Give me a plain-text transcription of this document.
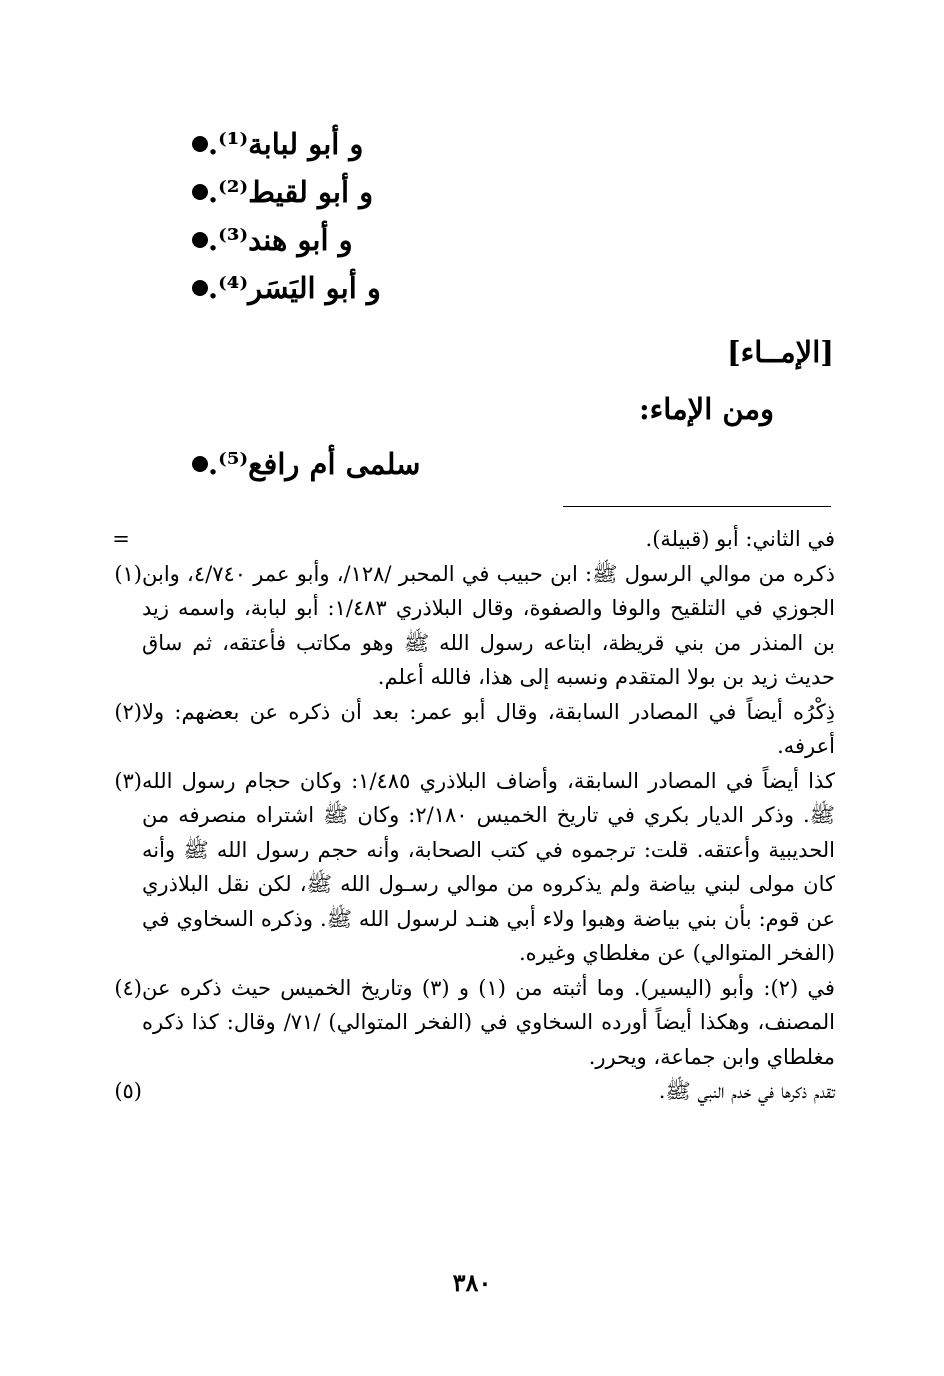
و أبو لبابة⁽¹⁾.
و أبو لقيط⁽²⁾.
و أبو هند⁽³⁾.
و أبو اليَسَر⁽⁴⁾.
[الإمــاء]
ومن الإماء:
سلمى أم رافع⁽⁵⁾.
=	في الثاني: أبو (قبيلة).
(١) ذكره من موالي الرسول ﷺ: ابن حبيب في المحبر /١٢٨/، وأبو عمر ٤/٧٤٠، وابن الجوزي في التلقيح والوفا والصفوة، وقال البلاذري ١/٤٨٣: أبو لبابة، واسمه زيد بن المنذر من بني قريظة، ابتاعه رسول الله ﷺ وهو مكاتب فأعتقه، ثم ساق حديث زيد بن بولا المتقدم ونسبه إلى هذا، فالله أعلم.
(٢) ذِكْرُه أيضاً في المصادر السابقة، وقال أبو عمر: بعد أن ذكره عن بعضهم: ولا أعرفه.
(٣) كذا أيضاً في المصادر السابقة، وأضاف البلاذري ١/٤٨٥: وكان حجام رسول الله ﷺ. وذكر الديار بكري في تاريخ الخميس ٢/١٨٠: وكان ﷺ اشتراه منصرفه من الحديبية وأعتقه. قلت: ترجموه في كتب الصحابة، وأنه حجم رسول الله ﷺ وأنه كان مولى لبني بياضة ولم يذكروه من موالي رسـول الله ﷺ، لكن نقل البلاذري عن قوم: بأن بني بياضة وهبوا ولاء أبي هنـد لرسول الله ﷺ. وذكره السخاوي في (الفخر المتوالي) عن مغلطاي وغيره.
(٤) في (٢): وأبو (اليسير). وما أثبته من (١) و (٣) وتاريخ الخميس حيث ذكره عن المصنف، وهكذا أيضاً أورده السخاوي في (الفخر المتوالي) /٧١/ وقال: كذا ذكره مغلطاي وابن جماعة، ويحرر.
(٥)	تقدم ذكرها في خدم النبي ﷺ.
٣٨٠
